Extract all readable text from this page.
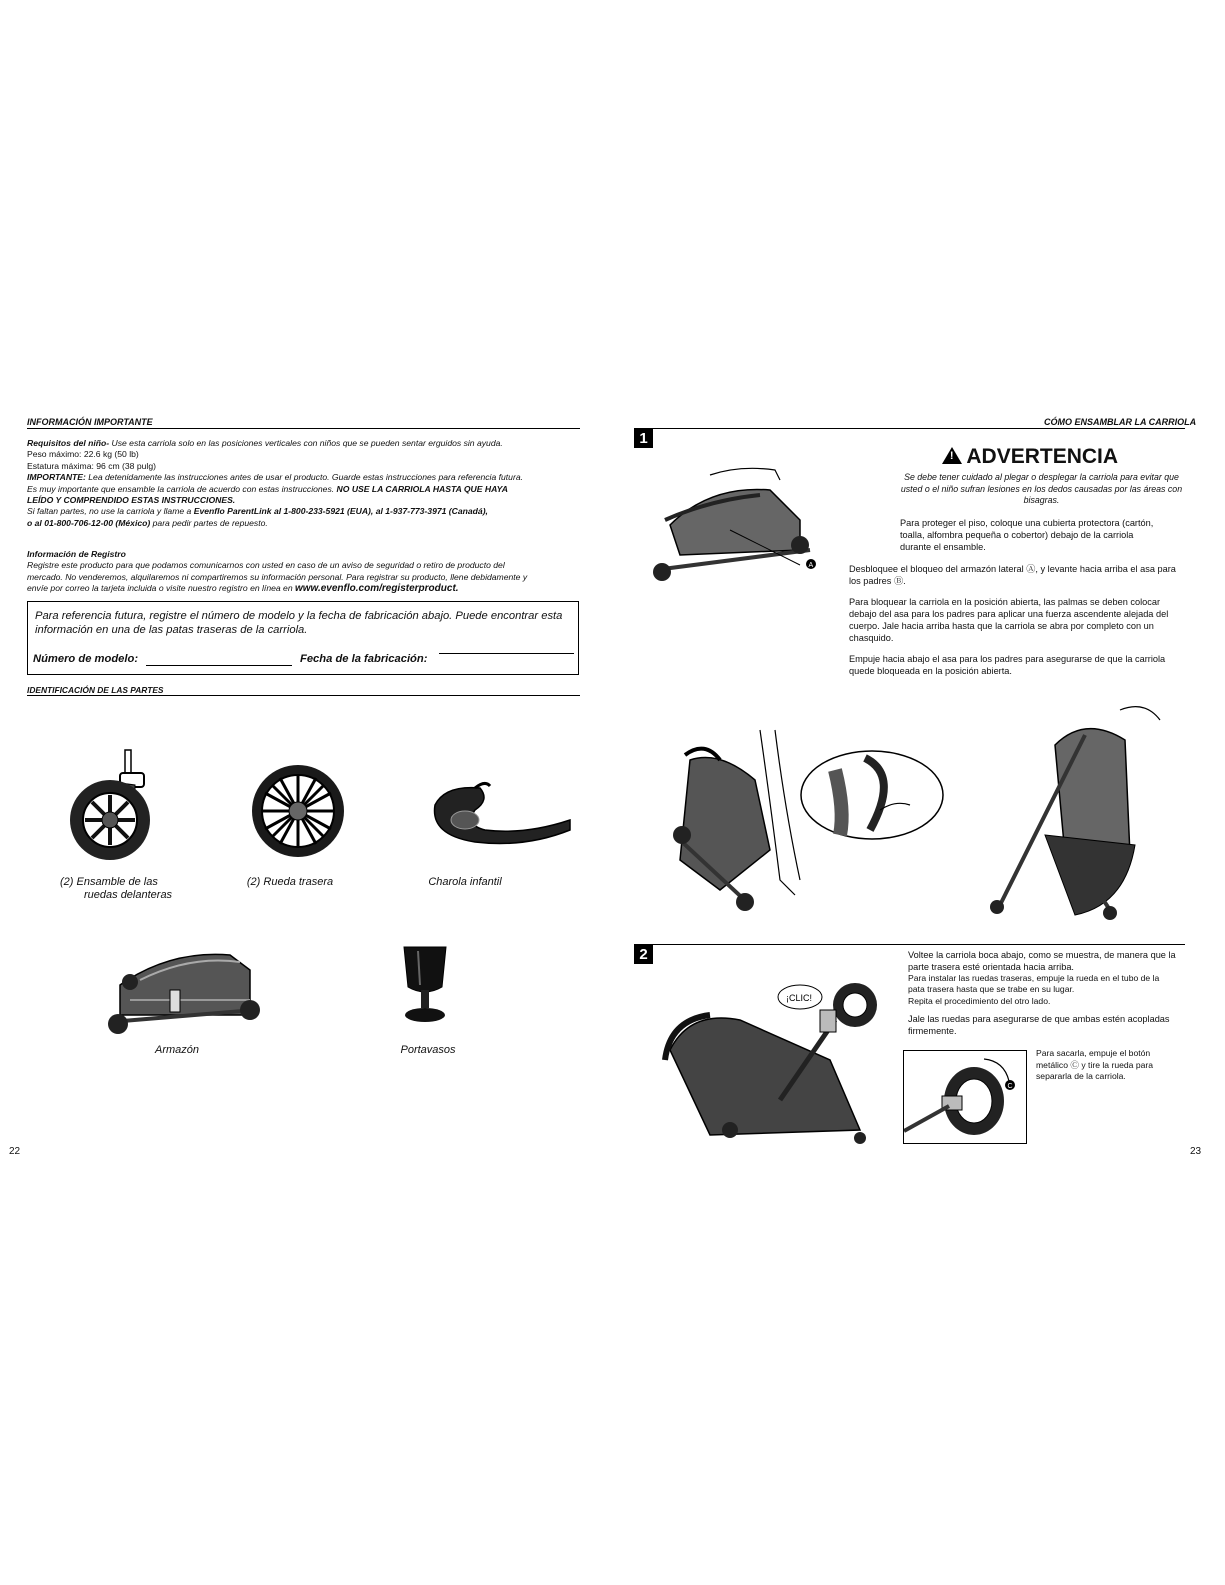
INFORMACIÓN IMPORTANTE
Requisitos del niño- Use esta carriola solo en las posiciones verticales con niños que se pueden sentar erguidos sin ayuda.
Peso máximo: 22.6 kg (50 lb)
Estatura máxima: 96 cm (38 pulg)
IMPORTANTE: Lea detenidamente las instrucciones antes de usar el producto. Guarde estas instrucciones para referencia futura.
Es muy importante que ensamble la carriola de acuerdo con estas instrucciones. NO USE LA CARRIOLA HASTA QUE HAYA
LEÍDO Y COMPRENDIDO ESTAS INSTRUCCIONES.
Si faltan partes, no use la carriola y llame a Evenflo ParentLink al 1-800-233-5921 (EUA), al 1-937-773-3971 (Canadá),
o al 01-800-706-12-00 (México) para pedir partes de repuesto.
Información de Registro
Registre este producto para que podamos comunicarnos con usted en caso de un aviso de seguridad o retiro de producto del
mercado. No venderemos, alquilaremos ni compartiremos su información personal. Para registrar su producto, llene debidamente y
envíe por correo la tarjeta incluida o visite nuestro registro en línea en www.evenflo.com/registerproduct.
Para referencia futura, registre el número de modelo y la fecha de fabricación abajo. Puede encontrar esta información en una de las patas traseras de la carriola.
Número de modelo:	Fecha de la fabricación:
IDENTIFICACIÓN DE LAS PARTES
(2) Ensamble de las
ruedas delanteras
(2) Rueda trasera	Charola infantil
Armazón	Portavasos
22
CÓMO ENSAMBLAR LA CARRIOLA
1
A
! ADVERTENCIA
Se debe tener cuidado al plegar o desplegar la carriola para evitar que usted o el niño sufran lesiones en los dedos causadas por las áreas con bisagras.
Para proteger el piso, coloque una cubierta protectora (cartón, toalla, alfombra pequeña o cobertor) debajo de la carriola durante el ensamble.
Desbloquee el bloqueo del armazón lateral Ⓐ, y levante hacia arriba el asa para los padres Ⓑ.
Para bloquear la carriola en la posición abierta, las palmas se deben colocar debajo del asa para los padres para aplicar una fuerza ascendente alejada del cuerpo. Jale hacia arriba hasta que la carriola se abra por completo con un chasquido.
Empuje hacia abajo el asa para los padres para asegurarse de que la carriola quede bloqueada en la posición abierta.
2	Voltee la carriola boca abajo, como se muestra, de manera que la parte trasera esté orientada hacia arriba.
Para instalar las ruedas traseras, empuje la rueda en el tubo de la pata trasera hasta que se trabe en su lugar.
Repita el procedimiento del otro lado.
Jale las ruedas para asegurarse de que ambas estén acopladas firmemente.
¡CLIC!
C
Para sacarla, empuje el botón metálico Ⓒ y tire la rueda para separarla de la carriola.
23
